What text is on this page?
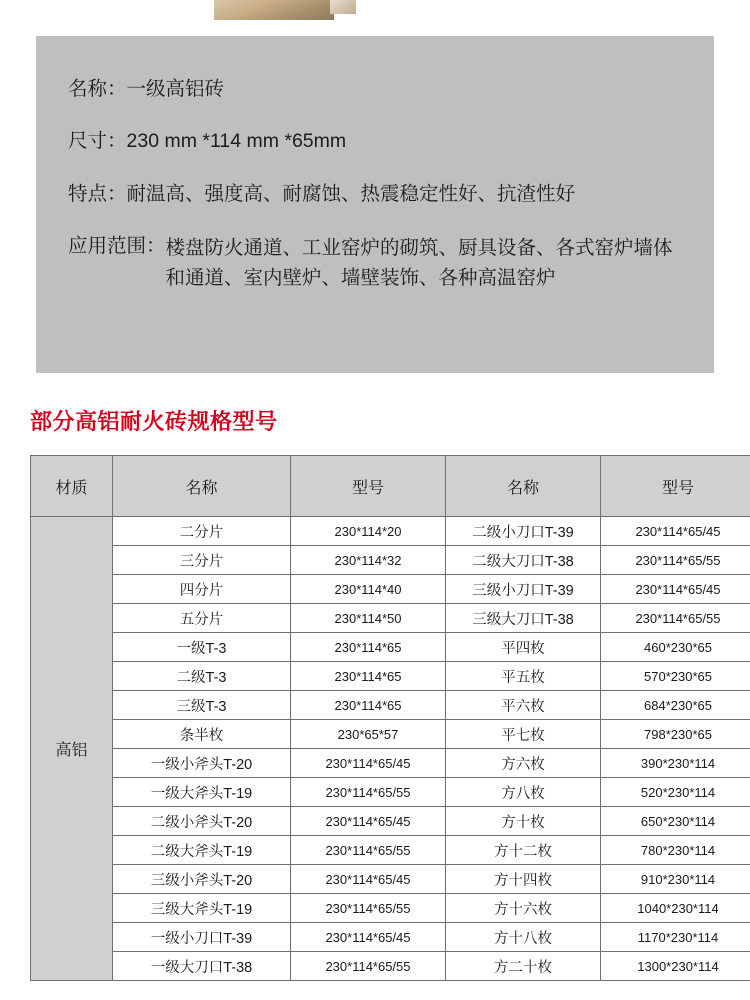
名称： 一级高铝砖
尺寸： 230 mm *114 mm *65mm
特点： 耐温高、强度高、耐腐蚀、热震稳定性好、抗渣性好
应用范围： 楼盘防火通道、工业窑炉的砌筑、厨具设备、各式窑炉墙体和通道、室内壁炉、墙壁装饰、各种高温窑炉
部分高铝耐火砖规格型号
材质	名称	型号	名称	型号
高铝	二分片	230*114*20	二级小刀口T-39	230*114*65/45
	三分片	230*114*32	二级大刀口T-38	230*114*65/55
	四分片	230*114*40	三级小刀口T-39	230*114*65/45
	五分片	230*114*50	三级大刀口T-38	230*114*65/55
	一级T-3	230*114*65	平四枚	460*230*65
	二级T-3	230*114*65	平五枚	570*230*65
	三级T-3	230*114*65	平六枚	684*230*65
	条半枚	230*65*57	平七枚	798*230*65
	一级小斧头T-20	230*114*65/45	方六枚	390*230*114
	一级大斧头T-19	230*114*65/55	方八枚	520*230*114
	二级小斧头T-20	230*114*65/45	方十枚	650*230*114
	二级大斧头T-19	230*114*65/55	方十二枚	780*230*114
	三级小斧头T-20	230*114*65/45	方十四枚	910*230*114
	三级大斧头T-19	230*114*65/55	方十六枚	1040*230*114
	一级小刀口T-39	230*114*65/45	方十八枚	1170*230*114
	一级大刀口T-38	230*114*65/55	方二十枚	1300*230*114
